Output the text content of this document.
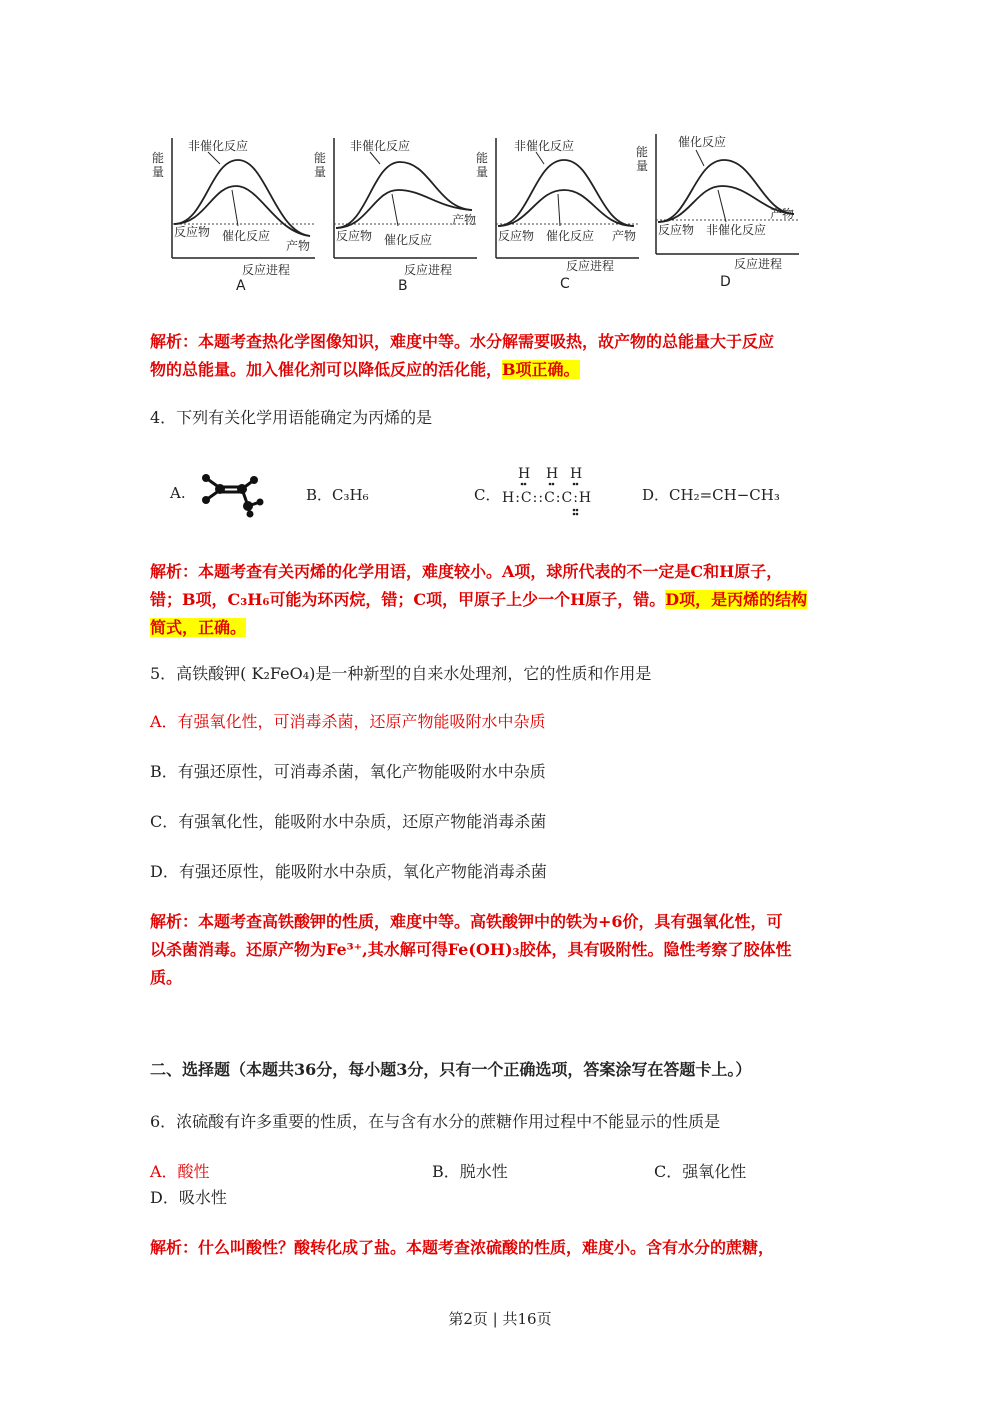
能
量
非催化反应
反应物 催化反应
产物
反应进程
A
能
量
非催化反应
反应物 催化反应
产物
反应进程
B
能
量
非催化反应
反应物 催化反应 产物
反应进程
C
能
量
催化反应
反应物 非催化反应
产物
反应进程
D
解析：本题考查热化学图像知识，难度中等。水分解需要吸热，故产物的总能量大于反应
物的总能量。加入催化剂可以降低反应的活化能，B项正确。
4．下列有关化学用语能确定为丙烯的是
A.	B．C₃H₆	C．
H H H
H:C::C:C:H	D．CH₂=CH−CH₃
解析：本题考查有关丙烯的化学用语，难度较小。A项，球所代表的不一定是C和H原子，
错；B项，C₃H₆可能为环丙烷，错；C项，甲原子上少一个H原子，错。D项，是丙烯的结构
简式，正确。
5．高铁酸钾( K₂FeO₄)是一种新型的自来水处理剂，它的性质和作用是
A．有强氧化性，可消毒杀菌，还原产物能吸附水中杂质
B．有强还原性，可消毒杀菌，氧化产物能吸附水中杂质
C．有强氧化性，能吸附水中杂质，还原产物能消毒杀菌
D．有强还原性，能吸附水中杂质，氧化产物能消毒杀菌
解析：本题考查高铁酸钾的性质，难度中等。高铁酸钾中的铁为+6价，具有强氧化性，可
以杀菌消毒。还原产物为Fe³⁺,其水解可得Fe(OH)₃胶体，具有吸附性。隐性考察了胶体性
质。
二、选择题（本题共36分，每小题3分，只有一个正确选项，答案涂写在答题卡上。）
6．浓硫酸有许多重要的性质，在与含有水分的蔗糖作用过程中不能显示的性质是
A．酸性	B．脱水性	C．强氧化性
D．吸水性
解析：什么叫酸性？酸转化成了盐。本题考查浓硫酸的性质，难度小。含有水分的蔗糖，
第2页 | 共16页
